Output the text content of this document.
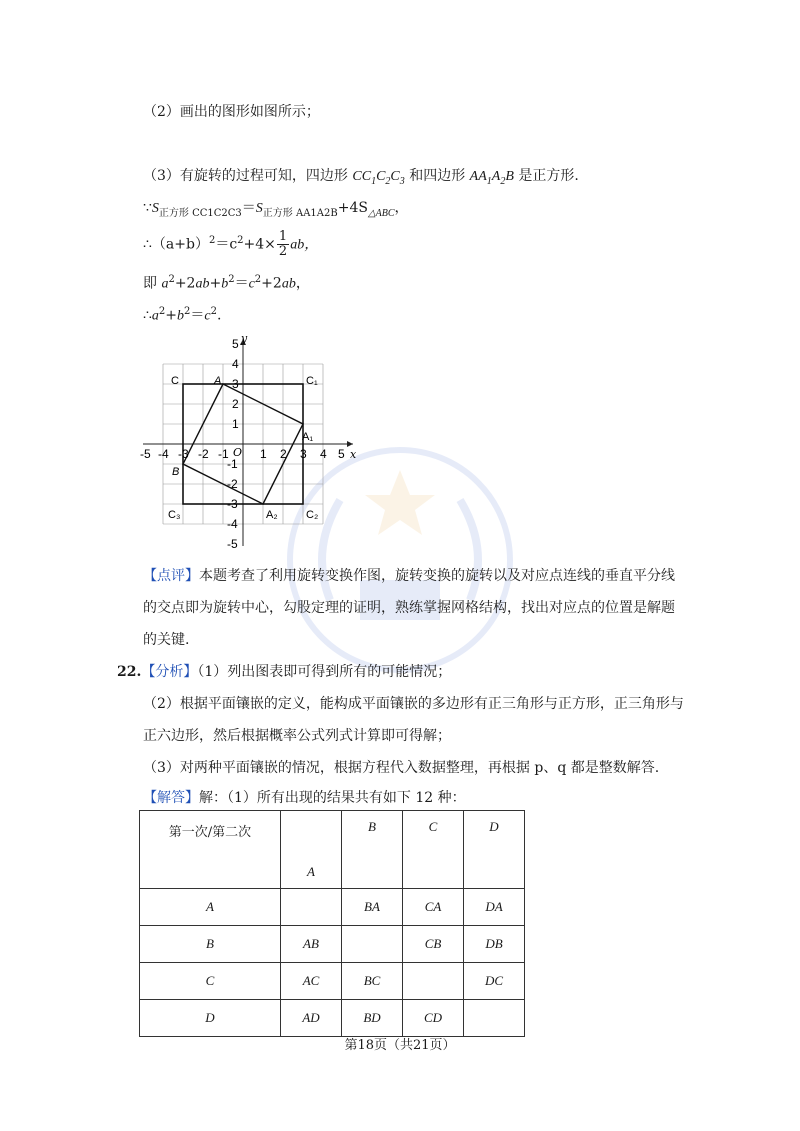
（2）画出的图形如图所示；
（3）有旋转的过程可知，四边形 $CC_1C_2C_3$ 和四边形 $AA_1A_2B$ 是正方形.
$\because S_{正方形 CC1C2C3}=S_{正方形 AA1A2B}+4S_{\triangle ABC}$，
$\therefore(a+b)^2=c^2+4\times \frac{1}{2}$ ab，
即 $a^2+2ab+b^2=c^2+2ab$，
$\therefore a^2+b^2=c^2$.
y
x
O
C	A	C₁
A₁
B
C₃	A₂	C₂
-5 -4 -3 -2 -1	1 2 3 4 5
5
4
3
2
1
-1
-2
-3
-4
-5
【点评】本题考查了利用旋转变换作图，旋转变换的旋转以及对应点连线的垂直平分线
的交点即为旋转中心，勾股定理的证明，熟练掌握网格结构，找出对应点的位置是解题
的关键.
22.【分析】（1）列出图表即可得到所有的可能情况；
（2）根据平面镶嵌的定义，能构成平面镶嵌的多边形有正三角形与正方形，正三角形与
正六边形，然后根据概率公式列式计算即可得解；
（3）对两种平面镶嵌的情况，根据方程代入数据整理，再根据 p、q 都是整数解答.
【解答】解：（1）所有出现的结果共有如下 12 种：
第一次/第二次	A	B	C	D
A		BA	CA	DA
B	AB		CB	DB
C	AC	BC		DC
D	AD	BD	CD	
第18页（共21页）
